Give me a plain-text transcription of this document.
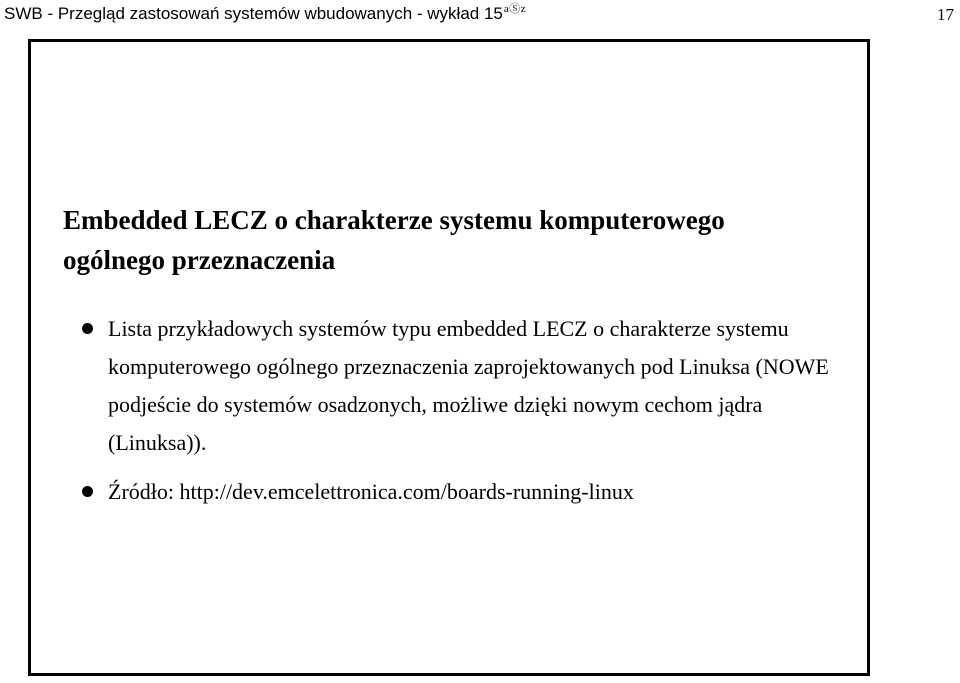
SWB - Przegląd zastosowań systemów wbudowanych - wykład $15^{aⓈz}$	17
Embedded LECZ o charakterze systemu komputerowego
ogólnego przeznaczenia
Lista przykładowych systemów typu embedded LECZ o charakterze systemu komputerowego ogólnego przeznaczenia zaprojektowanych pod Linuksa (NOWE podjeście do systemów osadzonych, możliwe dzięki nowym cechom jądra (Linuksa)).
Źródło: http://dev.emcelettronica.com/boards-running-linux
